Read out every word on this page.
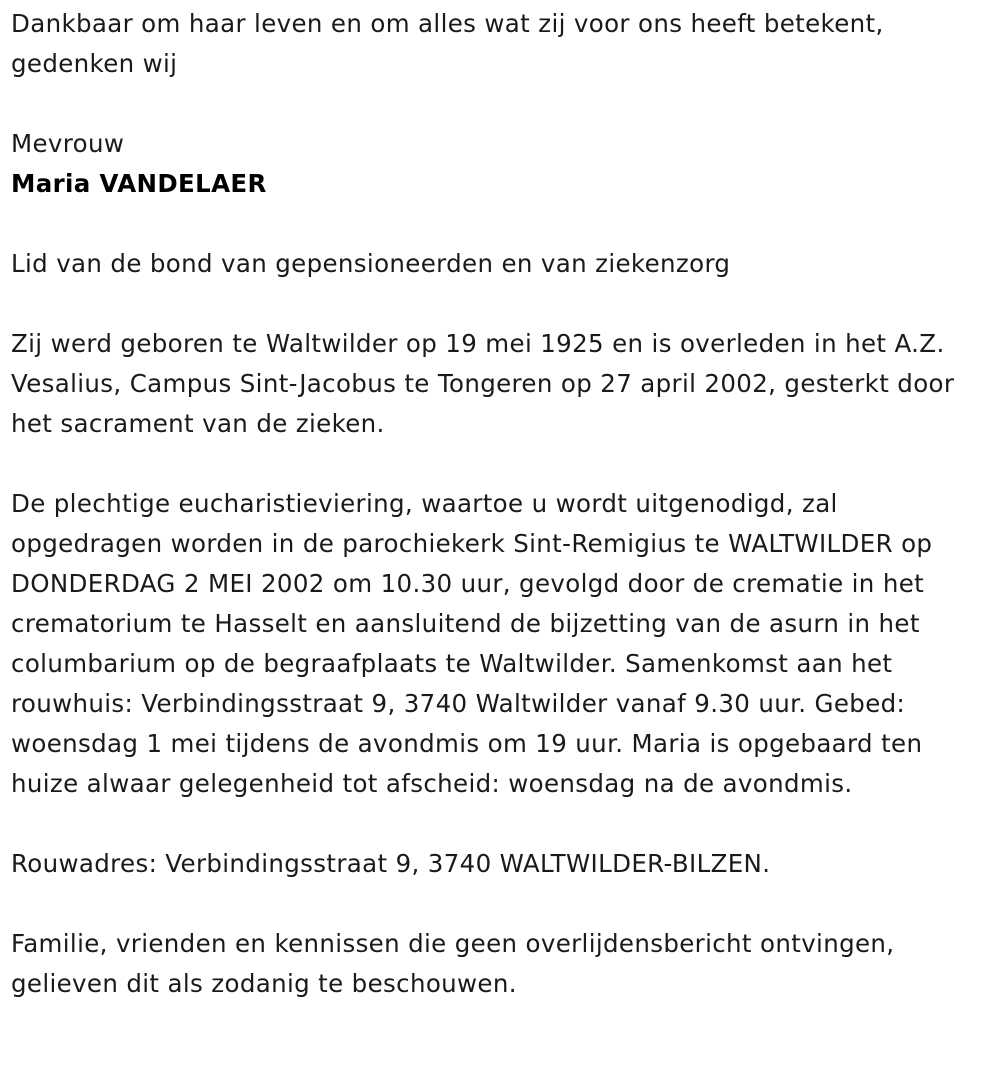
Dankbaar om haar leven en om alles wat zij voor ons heeft betekent, gedenken wij

Mevrouw

Maria VANDELAER

Lid van de bond van gepensioneerden en van ziekenzorg

Zij werd geboren te Waltwilder op 19 mei 1925 en is overleden in het A.Z. Vesalius, Campus Sint-Jacobus te Tongeren op 27 april 2002, gesterkt door het sacrament van de zieken.

De plechtige eucharistieviering, waartoe u wordt uitgenodigd, zal opgedragen worden in de parochiekerk Sint-Remigius te WALTWILDER op DONDERDAG 2 MEI 2002 om 10.30 uur, gevolgd door de crematie in het crematorium te Hasselt en aansluitend de bijzetting van de asurn in het columbarium op de begraafplaats te Waltwilder. Samenkomst aan het rouwhuis: Verbindingsstraat 9, 3740 Waltwilder vanaf 9.30 uur. Gebed: woensdag 1 mei tijdens de avondmis om 19 uur. Maria is opgebaard ten huize alwaar gelegenheid tot afscheid: woensdag na de avondmis.

Rouwadres: Verbindingsstraat 9, 3740 WALTWILDER-BILZEN.

Familie, vrienden en kennissen die geen overlijdensbericht ontvingen, gelieven dit als zodanig te beschouwen.
